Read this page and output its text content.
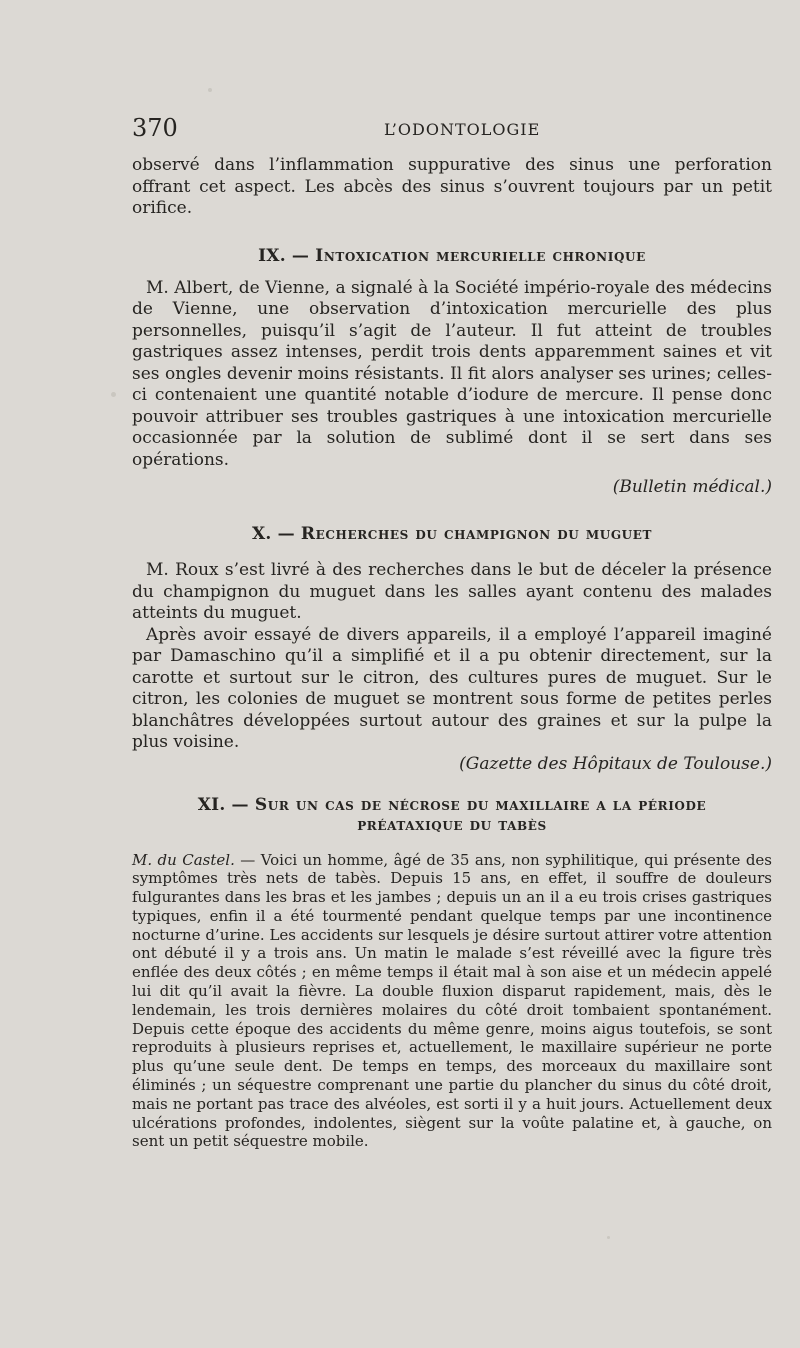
370	L’ODONTOLOGIE

observé dans l’inflammation suppurative des sinus une perforation offrant cet aspect. Les abcès des sinus s’ouvrent toujours par un petit orifice.

IX. — Intoxication mercurielle chronique

M. Albert, de Vienne, a signalé à la Société império-royale des médecins de Vienne, une observation d’intoxication mercurielle des plus personnelles, puisqu’il s’agit de l’auteur. Il fut atteint de troubles gastriques assez intenses, perdit trois dents apparemment saines et vit ses ongles devenir moins résistants. Il fit alors analyser ses urines; celles-ci contenaient une quantité notable d’iodure de mercure. Il pense donc pouvoir attribuer ses troubles gastriques à une intoxication mercurielle occasionnée par la solution de sublimé dont il se sert dans ses opérations.

(Bulletin médical.)

X. — Recherches du champignon du muguet

M. Roux s’est livré à des recherches dans le but de déceler la présence du champignon du muguet dans les salles ayant contenu des malades atteints du muguet.

Après avoir essayé de divers appareils, il a employé l’appareil imaginé par Damaschino qu’il a simplifié et il a pu obtenir directement, sur la carotte et surtout sur le citron, des cultures pures de muguet. Sur le citron, les colonies de muguet se montrent sous forme de petites perles blanchâtres développées surtout autour des graines et sur la pulpe la plus voisine.

(Gazette des Hôpitaux de Toulouse.)

XI. — Sur un cas de nécrose du maxillaire a la période
préataxique du tabès

M. du Castel. — Voici un homme, âgé de 35 ans, non syphilitique, qui présente des symptômes très nets de tabès. Depuis 15 ans, en effet, il souffre de douleurs fulgurantes dans les bras et les jambes ; depuis un an il a eu trois crises gastriques typiques, enfin il a été tourmenté pendant quelque temps par une incontinence nocturne d’urine. Les accidents sur lesquels je désire surtout attirer votre attention ont débuté il y a trois ans. Un matin le malade s’est réveillé avec la figure très enflée des deux côtés ; en même temps il était mal à son aise et un médecin appelé lui dit qu’il avait la fièvre. La double fluxion disparut rapidement, mais, dès le lendemain, les trois dernières molaires du côté droit tombaient spontanément. Depuis cette époque des accidents du même genre, moins aigus toutefois, se sont reproduits à plusieurs reprises et, actuellement, le maxillaire supérieur ne porte plus qu’une seule dent. De temps en temps, des morceaux du maxillaire sont éliminés ; un séquestre comprenant une partie du plancher du sinus du côté droit, mais ne portant pas trace des alvéoles, est sorti il y a huit jours. Actuellement deux ulcérations profondes, indolentes, siègent sur la voûte palatine et, à gauche, on sent un petit séquestre mobile.
